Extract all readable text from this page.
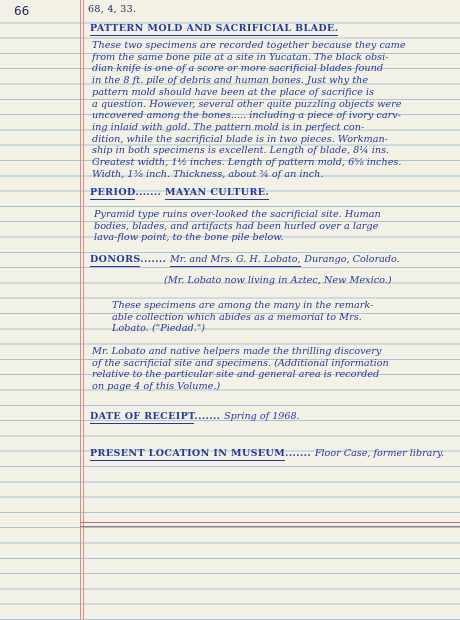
66	68, 4, 33.
PATTERN MOLD AND SACRIFICIAL BLADE.
These two specimens are recorded together because they came
from the same bone pile at a site in Yucatan. The black obsi-
dian knife is one of a score or more sacrificial blades found
in the 8 ft. pile of debris and human bones. Just why the
pattern mold should have been at the place of sacrifice is
a question. However, several other quite puzzling objects were
uncovered among the bones..... including a piece of ivory carv-
ing inlaid with gold. The pattern mold is in perfect con-
dition, while the sacrificial blade is in two pieces. Workman-
ship in both specimens is excellent. Length of blade, 8¼ ins.
Greatest width, 1½ inches. Length of pattern mold, 6⅝ inches.
Width, 1⅜ inch. Thickness, about ¾ of an inch.
PERIOD....... MAYAN CULTURE.
Pyramid type ruins over-looked the sacrificial site. Human
bodies, blades, and artifacts had been hurled over a large
lava-flow point, to the bone pile below.
DONORS....... Mr. and Mrs. G. H. Lobato, Durango, Colorado.
(Mr. Lobato now living in Aztec, New Mexico.)
These specimens are among the many in the remark-
able collection which abides as a memorial to Mrs.
Lobato. ("Piedad.")
Mr. Lobato and native helpers made the thrilling discovery
of the sacrificial site and specimens. (Additional information
relative to the particular site and general area is recorded
on page 4 of this Volume.)
DATE OF RECEIPT....... Spring of 1968.
PRESENT LOCATION IN MUSEUM....... Floor Case, former library.
